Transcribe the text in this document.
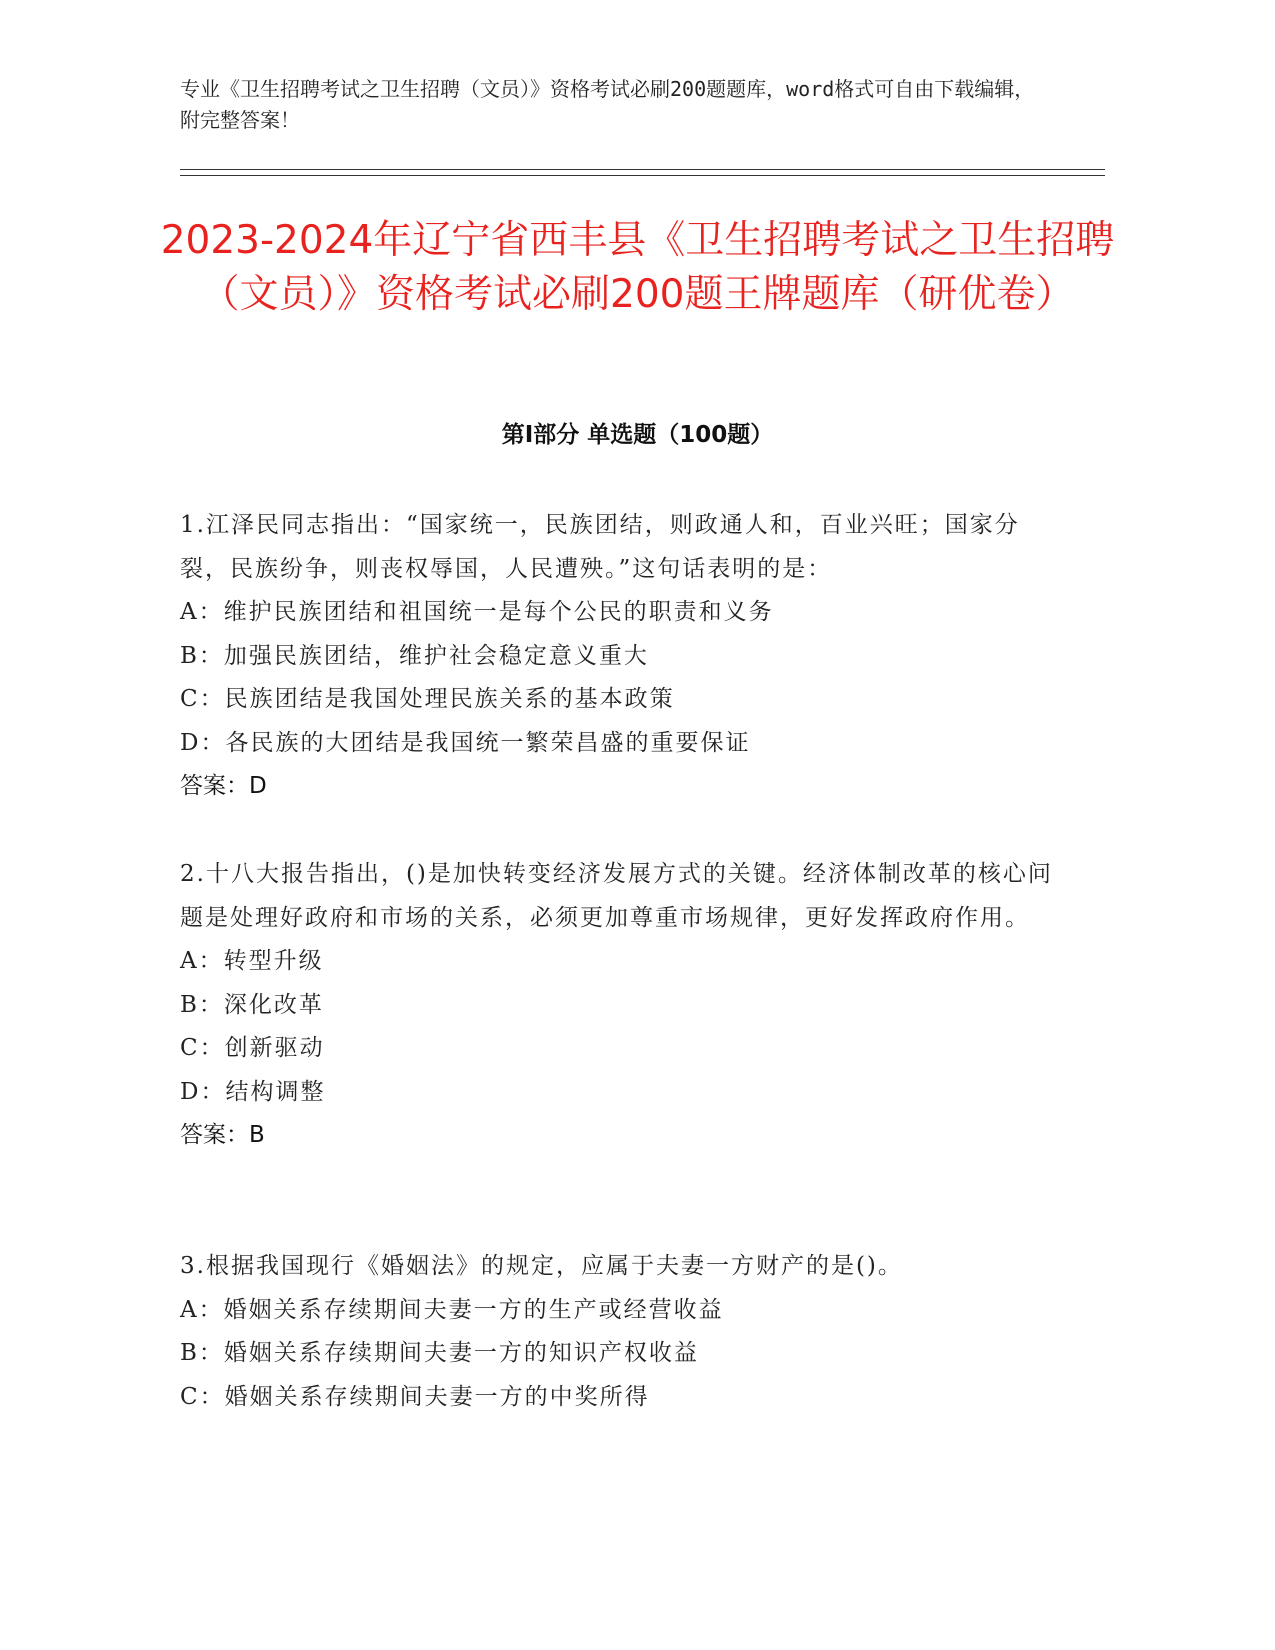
专业《卫生招聘考试之卫生招聘（文员）》资格考试必刷200题题库，word格式可自由下载编辑，附完整答案！

2023-2024年辽宁省西丰县《卫生招聘考试之卫生招聘（文员）》资格考试必刷200题王牌题库（研优卷）
第Ⅰ部分 单选题（100题）

1.江泽民同志指出：“国家统一，民族团结，则政通人和，百业兴旺；国家分裂，民族纷争，则丧权辱国，人民遭殃。”这句话表明的是：

A：维护民族团结和祖国统一是每个公民的职责和义务

B：加强民族团结，维护社会稳定意义重大

C：民族团结是我国处理民族关系的基本政策

D：各民族的大团结是我国统一繁荣昌盛的重要保证

答案：D

2.十八大报告指出，()是加快转变经济发展方式的关键。经济体制改革的核心问题是处理好政府和市场的关系，必须更加尊重市场规律，更好发挥政府作用。

A：转型升级

B：深化改革

C：创新驱动

D：结构调整

答案：B

3.根据我国现行《婚姻法》的规定，应属于夫妻一方财产的是()。

A：婚姻关系存续期间夫妻一方的生产或经营收益

B：婚姻关系存续期间夫妻一方的知识产权收益

C：婚姻关系存续期间夫妻一方的中奖所得
